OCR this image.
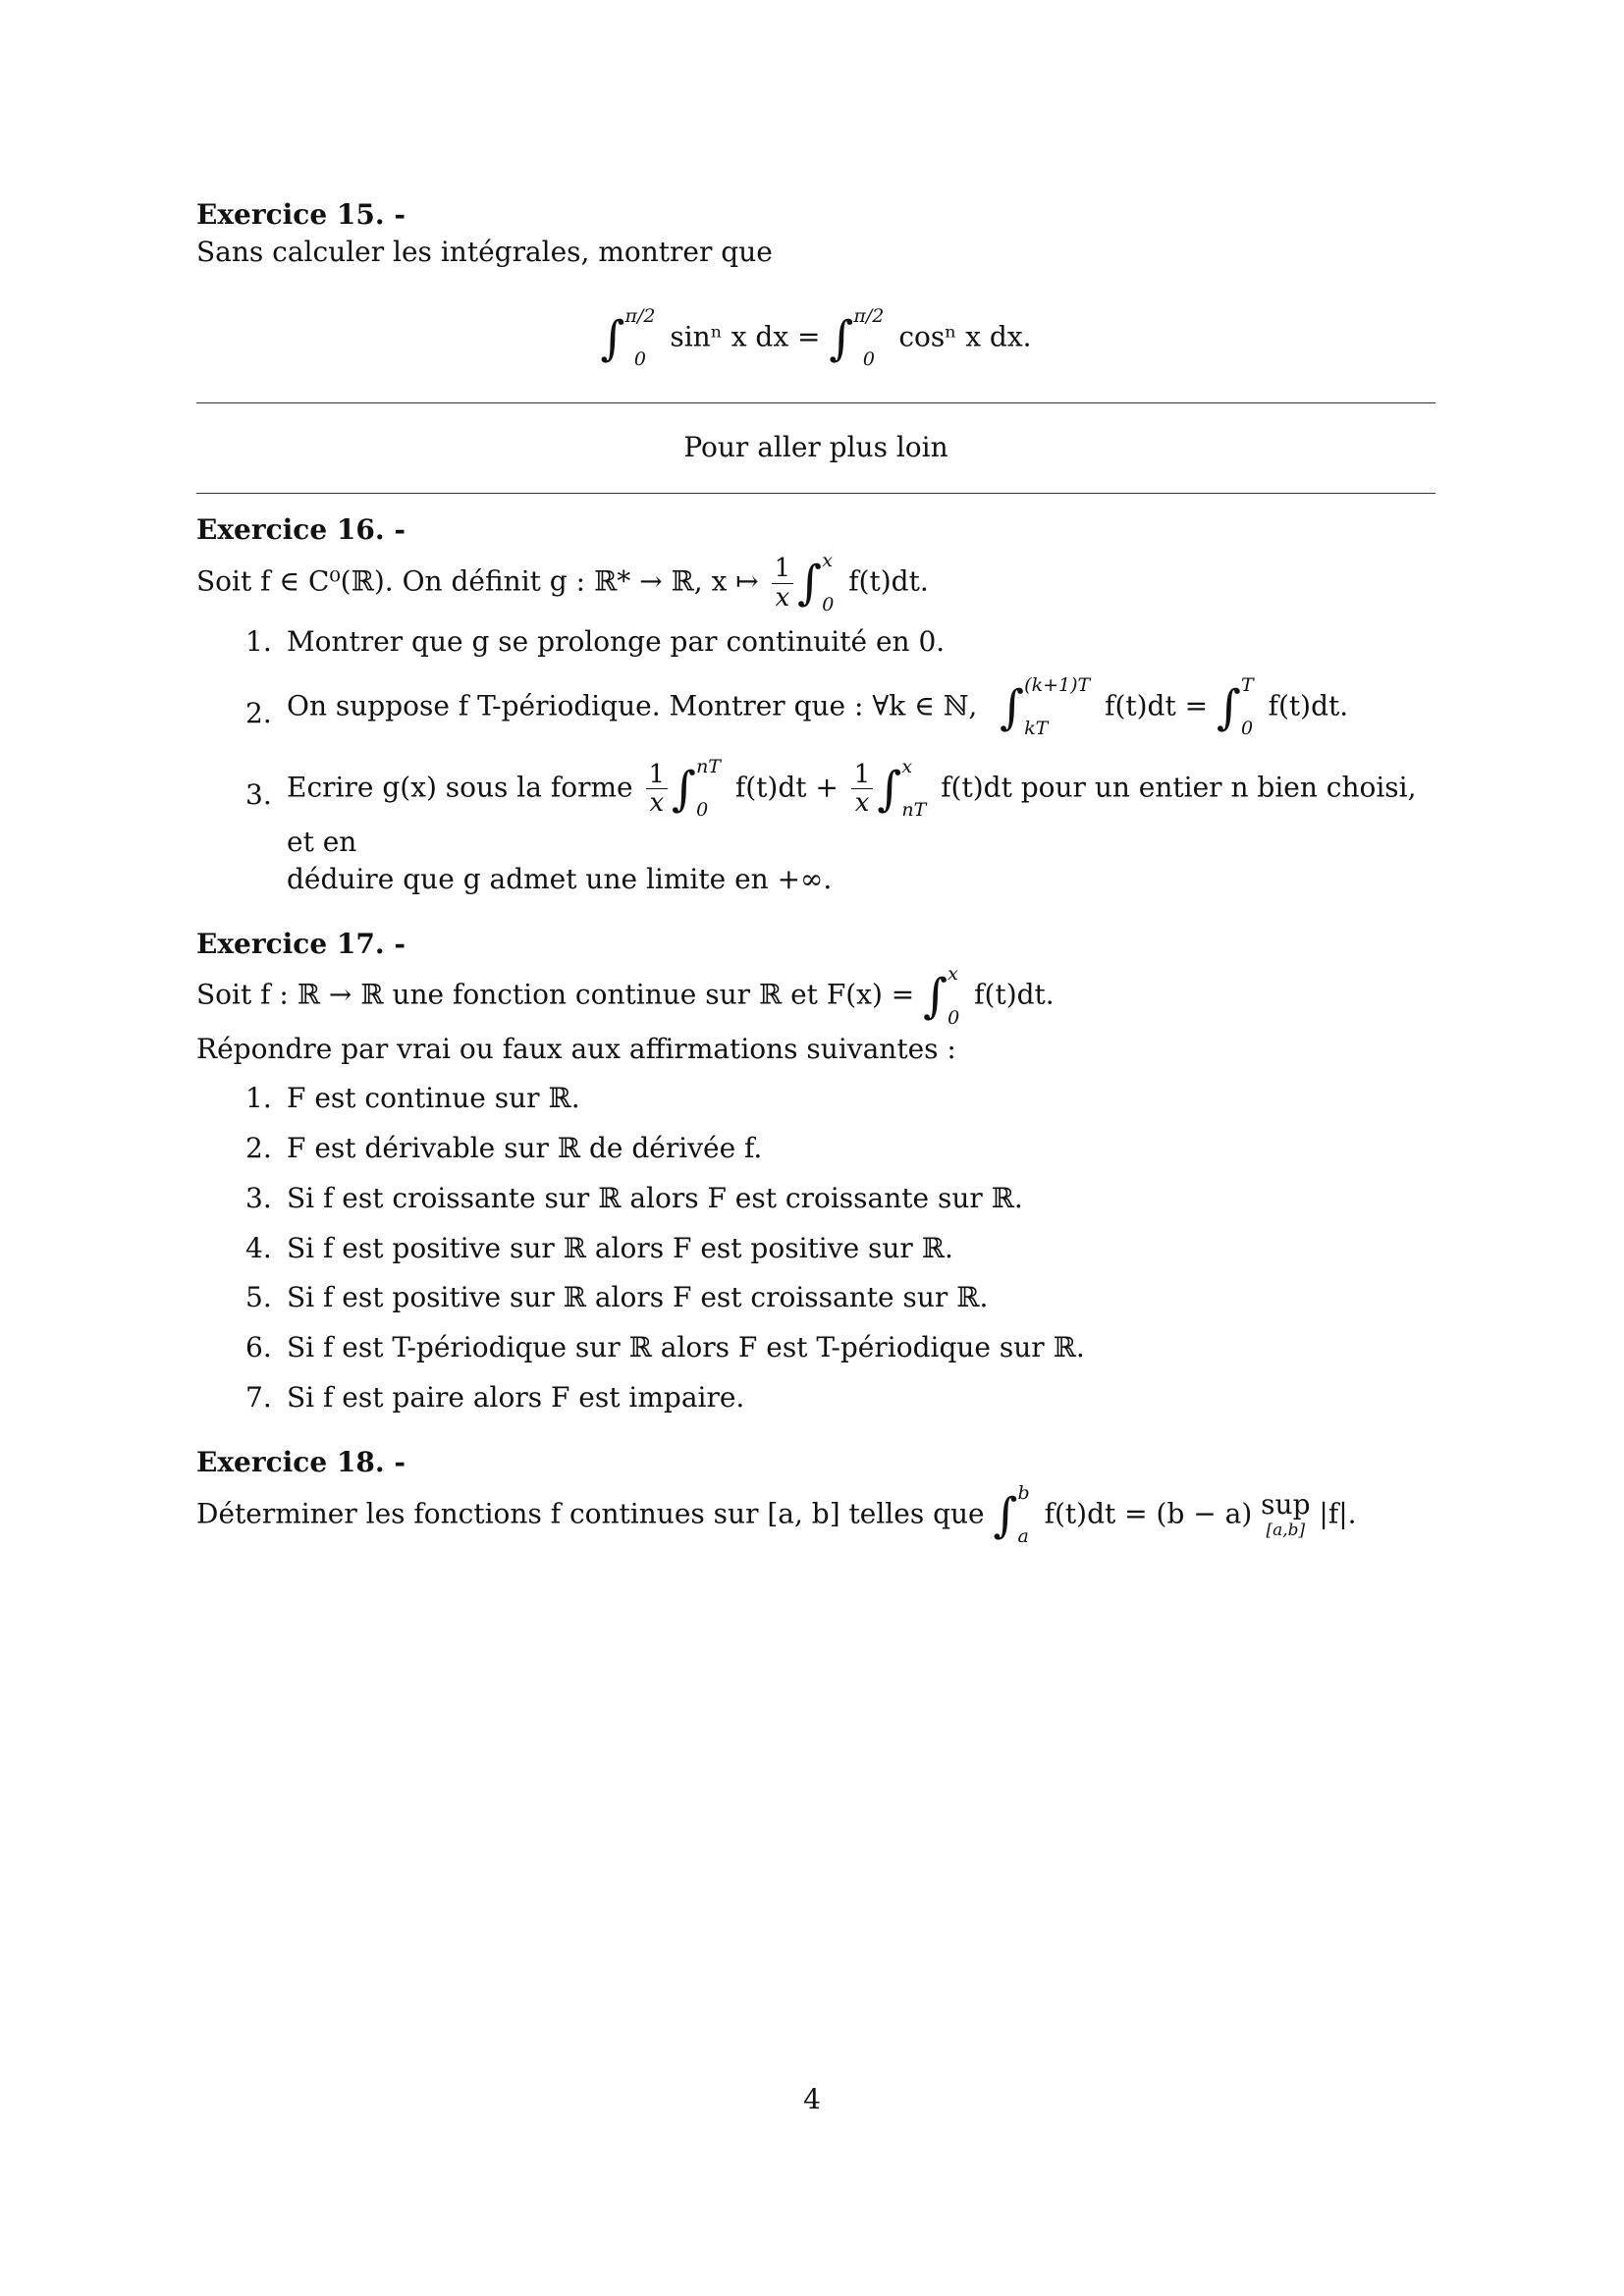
Exercice 15. -

Sans calculer les intégrales, montrer que

∫ π/2
0
sinⁿ x dx = ∫ π/2
0
cosⁿ x dx.

Pour aller plus loin

Exercice 16. -

Soit f ∈ C⁰(ℝ). On définit g : ℝ* → ℝ, x ↦ $\frac{1}{x}$ ∫ x
0
f(t)dt.

1. Montrer que g se prolonge par continuité en 0.
2. On suppose f T-périodique. Montrer que : ∀k ∈ ℕ, ∫ (k+1)T
kT
f(t)dt = ∫ T
0
f(t)dt.
3. Ecrire g(x) sous la forme $\frac{1}{x}$ ∫ nT
0
$f(t)dt + \frac{1}{x}$ ∫ x
nT
f(t)dt pour un entier n bien choisi, et en
déduire que g admet une limite en +∞.

Exercice 17. -

Soit f : ℝ → ℝ une fonction continue sur ℝ et F(x) = ∫ x
0
f(t)dt.

Répondre par vrai ou faux aux affirmations suivantes :

1. F est continue sur ℝ.
2. F est dérivable sur ℝ de dérivée f.
3. Si f est croissante sur ℝ alors F est croissante sur ℝ.
4. Si f est positive sur ℝ alors F est positive sur ℝ.
5. Si f est positive sur ℝ alors F est croissante sur ℝ.
6. Si f est T-périodique sur ℝ alors F est T-périodique sur ℝ.
7. Si f est paire alors F est impaire.

Exercice 18. -

Déterminer les fonctions f continues sur [a, b] telles que ∫ b
a
f(t)dt = (b − a) sup
[a,b]
|f|.

4
